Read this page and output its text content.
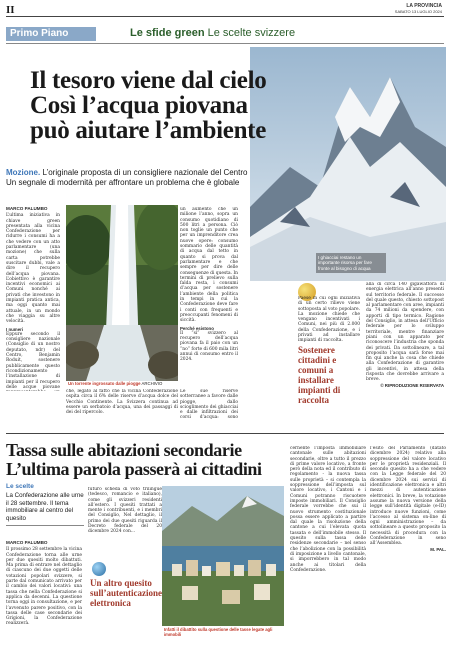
II	LA PROVINCIA
SABATO 13 LUGLIO 2024
Primo Piano	Le sfide green Le scelte svizzere
I ghiacciai restano un importante risorsa per fare fronte al bisogno di acqua
Il tesoro viene dal cielo
Così l’acqua piovana
può aiutare l’ambiente
Mozione. L’originale proposta di un consigliere nazionale del Centro
Un segnale di modernità per affrontare un problema che è globale
MARCO PALUMBO

L’ultima iniziativa in chiave green presentata alla vicina Confederazione per ridurre i consumi ha a che vedere con un atto parlamentare (una mozione) che sulla carta potrebbe suscitare dubbi, vale a dire il recupero dell’acqua piovana. L’obiettivo è garantire incentivi economici ai Comuni nonché ai privati che investono in impianti pratica antica, ma oggi quanto mai attuale, in un mondo che viaggia su altre velocità.

I numeri

Eppure secondo il consigliere nazionale (Consiglio di un nostro deputato, ndr) del Centro, Benjamin Roduit, sostenere pubblicamente questo ricondizionamento l’installazione di impianti per il recupero delle acque piovane

Un torrente ingrossato dalle piogge ARCHIVIO
che, legato al fatto che la vicina Confederazione ospita circa il 6% delle riserve d’acqua dolce del Vecchio Continente. La Svizzera continua ad essere un serbatoio d’acqua, una dei passaggi di dei del ripercolo.
Le sue riserve sotterranee a favore dalle piogge, dallo scioglimento dei ghiacciai e dalle infiltrazioni dei corsi d’acqua: sono

un aumento che un milione l’anno, sopra un consumo quotidiano di 500 litri a persona. Ciò non toglie un punto che per un imprenditore crea nuove opere: consumo sommario delle quantità di acqua dal tetto in quanto si prova dal parlamentare e che sempre per dire delle conseguenze di questa. In termini di prelievo sulla falda resta, i consumi d’acqua per sostenere l’ambiente della politica in tempi in cui la Confederazione deve fare i conti con frequenti e preoccupanti fenomeni di siccità.

Perché esistono

Il “sì” svizzero al recupero dell’acqua piovana fa il paio con un “no” forte di 600 mila litri annui di consumo entro il 2024.

Paese in cui ogni iniziativa di un certo rilievo viene sottoposta al voto popolare. La mozione chiede che vengano incentivati i Comuni, nei più di 2.000 della Confederazione, e i privati ad installare impianti di raccolta.
Sostenere cittadini e comuni a installare impianti di raccolta

alla di circa 140 gigawattora di energia elettrica all’anno presenti sul territorio federale. Il successo del quale questo, chiesto sottopost al parlamentare con aree, impianti da 74 milioni da spendere, con apporti di tipo termico. Ragione del Consiglio, in attesa dell’Ufficio federale per lo sviluppo territoriale, mentre finanziare piani con un apparato per riconoscere l’industria che sponda dei privati. Da sottolineare, a tal proposito l’acqua sarà forse mai fin qui anche la cosa che chiede alla Confederazione di garantire gli incentivi, in attesa della risposta che dovrebbe arrivare a breve.

© RIPRODUZIONE RISERVATA

Tassa sulle abitazioni secondarie
L’ultima parola passerà ai cittadini
Le scelte
La Confederazione alle urne il 28 settembre. Il tema immobiliare al centro del quesito
MARCO PALUMBO

Il prossimo 28 settembre la vicina Confederazione torna alle urne per due quesiti molto dibattuti. Ma prima di entrare nel dettaglio di ciascuno dei due oggetti delle votazioni popolari svizzere, si parte dal comunicato arrivato per il cambio dei valori locativi: una tassa che nella Confederazione si applica da decenni. La questione torna oggi in consultazione, e per l’avvenuto parere positivo, con la tassa delle case secondarie dei Grigioni, la Confederazione realizzerà.

futuro scheda di voto trilingue (tedesco, romancio e italiano), come gli svizzeri residenti all’estero. I quesiti trattati a mente i contribuenti, e i membri del Consiglio, Nel dettaglio, il primo dei due quesiti riguarda il Decreto federale del 20 dicembre 2024 con...
Un altro quesito sull’autenticazione elettronica
Infatti il dibattito sulla questione delle tasse legate agli immobili
cernente l’imposta immobiliare cantonale sulle abitazioni secondarie, oltre a tutto il prezzo di prime valore locativo, a fronte però della nota ed il contributo di regolamento - la nuova tassa sulle proprietà – si contempla la soppressione dell’imposta sul valore locativo, i Cantoni e i Comuni potranno riscuotere imposte immobiliari. Il Consiglio federale vorrebbe che sui il nuovo strumento costituzionale possa essere applicato a partire dal quale la risoluzione della cantone a cui l’elevata quota tassata e dell’immobile stesso. Il quesito sulla tassa delle residenze secondarie – nel senso che l’abolizione con la possibilità di imposizione a livello cantonale, si imporrebbero in tal modo anche ai titolari della Confederazione.

l’esito del Parlamento (datato dicembre 2024) relativo alla soppressione del valore locativo per le proprietà residenziali. Il secondo quesito ha a che vedere con la Legge federale del 20 dicembre 2024 sui servizi di identificazione elettronica e altri mezzi di autenticazione elettronici. In breve, la votazione assume la nuova versione della legge sull’identità digitale (e-ID) introduce nuove funzioni, come l’accesso al sistema on-line di ogni amministrazione – da sottolineare a questo proposito la necessità di procedura con la Confederazione in seno all’Assemblea.

M. PAL.
